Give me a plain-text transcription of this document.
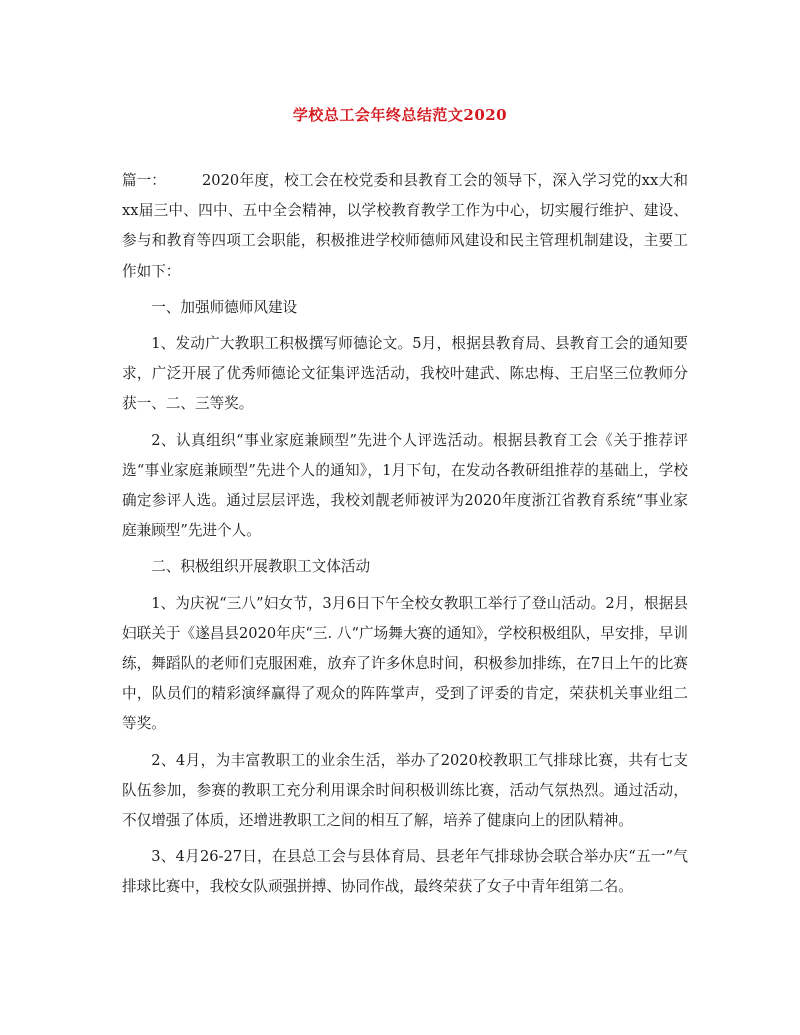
学校总工会年终总结范文2020

篇一： 2020年度，校工会在校党委和县教育工会的领导下，深入学习党的xx大和xx届三中、四中、五中全会精神，以学校教育教学工作为中心，切实履行维护、建设、参与和教育等四项工会职能，积极推进学校师德师风建设和民主管理机制建设，主要工作如下：

一、加强师德师风建设

1、发动广大教职工积极撰写师德论文。5月，根据县教育局、县教育工会的通知要求，广泛开展了优秀师德论文征集评选活动，我校叶建武、陈忠梅、王启坚三位教师分获一、二、三等奖。

2、认真组织“事业家庭兼顾型”先进个人评选活动。根据县教育工会《关于推荐评选“事业家庭兼顾型”先进个人的通知》，1月下旬，在发动各教研组推荐的基础上，学校确定参评人选。通过层层评选，我校刘靓老师被评为2020年度浙江省教育系统“事业家庭兼顾型”先进个人。

二、积极组织开展教职工文体活动

1、为庆祝“三八”妇女节，3月6日下午全校女教职工举行了登山活动。2月，根据县妇联关于《遂昌县2020年庆“三. 八“广场舞大赛的通知》，学校积极组队，早安排，早训练，舞蹈队的老师们克服困难，放弃了许多休息时间，积极参加排练，在7日上午的比赛中，队员们的精彩演绎赢得了观众的阵阵掌声，受到了评委的肯定，荣获机关事业组二等奖。

2、4月，为丰富教职工的业余生活，举办了2020校教职工气排球比赛，共有七支队伍参加，参赛的教职工充分利用课余时间积极训练比赛，活动气氛热烈。通过活动，不仅增强了体质，还增进教职工之间的相互了解，培养了健康向上的团队精神。

3、4月26-27日，在县总工会与县体育局、县老年气排球协会联合举办庆“五一”气排球比赛中，我校女队顽强拼搏、协同作战，最终荣获了女子中青年组第二名。
